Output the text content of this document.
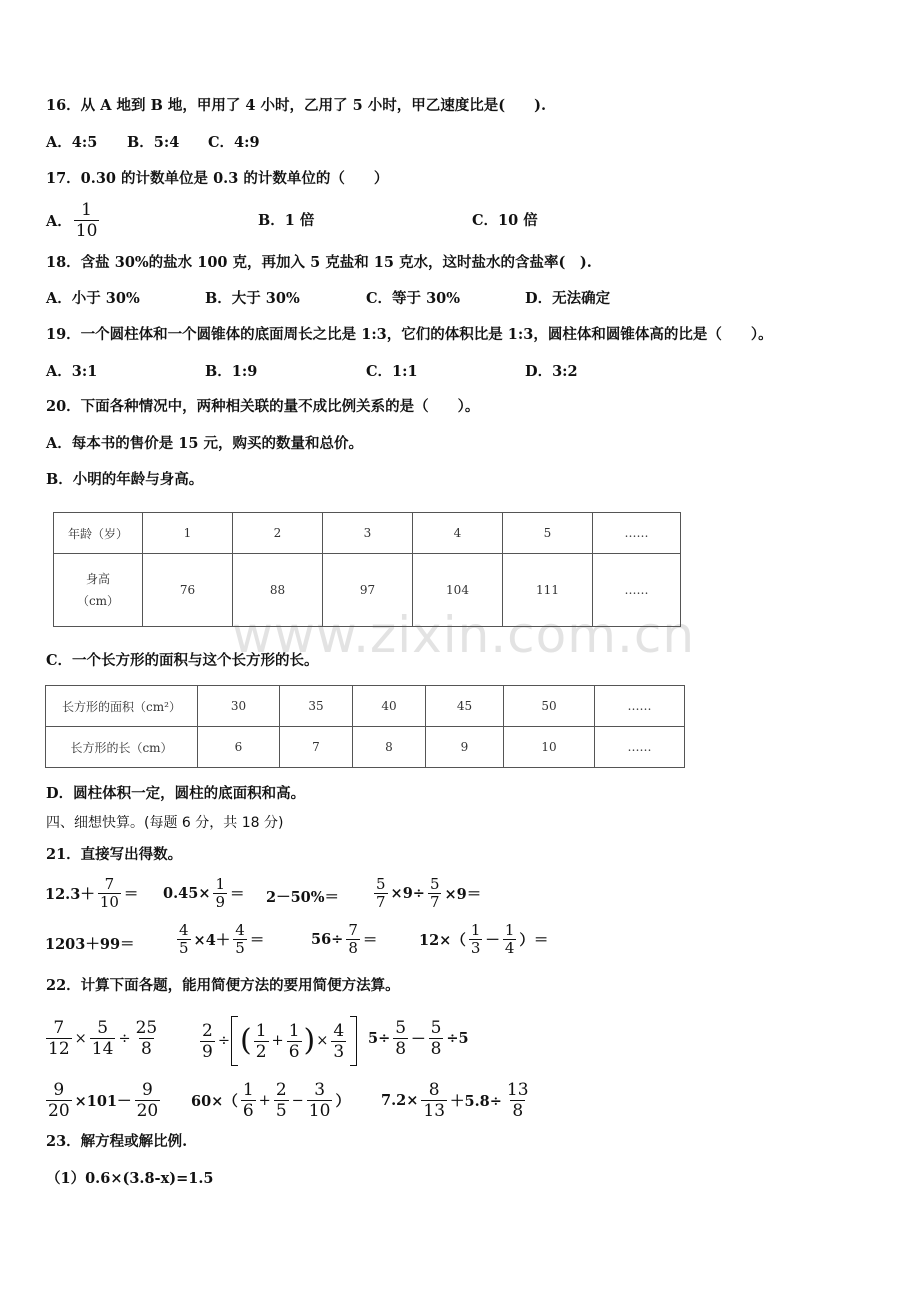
www.zixin.com.cn
16．从 A 地到 B 地，甲用了 4 小时，乙用了 5 小时，甲乙速度比是(　　).
A．4:5 B．5:4 C．4:9
17．0.30 的计数单位是 0.3 的计数单位的（　　）
A． $\frac{1}{10}$	B．1 倍	C．10 倍
18．含盐 30%的盐水 100 克，再加入 5 克盐和 15 克水，这时盐水的含盐率(　).
A．小于 30%	B．大于 30%	C．等于 30%	D．无法确定
19．一个圆柱体和一个圆锥体的底面周长之比是 1:3，它们的体积比是 1:3，圆柱体和圆锥体高的比是（　　）。
A．3:1	B．1:9	C．1:1	D．3:2
20．下面各种情况中，两种相关联的量不成比例关系的是（　　）。
A．每本书的售价是 15 元，购买的数量和总价。
B．小明的年龄与身高。
年龄（岁）	1	2	3	4	5	……

身高
（cm）	76	88	97	104	111	……
C．一个长方形的面积与这个长方形的长。
长方形的面积（cm²）	30	35	40	45	50	……
长方形的长（cm）	6	7	8	9	10	……
D．圆柱体积一定，圆柱的底面积和高。
四、细想快算。(每题 6 分，共 18 分)
21．直接写出得数。
$12.3+ \frac{7}{10} = 0.45\times \frac{1}{9} = 2-50\%= \frac{5}{7} \times 9\div \frac{5}{7} \times 9=$
1203＋99＝	$\frac{4}{5} \times 4+ \frac{4}{5}$ ＝	$56\div \frac{7}{8}$ ＝	$12\times( \frac{1}{3} - \frac{1}{4}$ ）＝
22．计算下面各题，能用简便方法的要用简便方法算。
$\frac{7}{12} \times \frac{5}{14} \div \frac{25}{8} \frac{2}{9}$ ÷ ( $\frac{1}{2} + \frac{1}{6}$ ) × $\frac{4}{3} 5\div \frac{5}{8} - \frac{5}{8} \div 5$
$\frac{9}{20} \times 101- \frac{9}{20} 60\times( \frac{1}{6} + \frac{2}{5} - \frac{3}{10}$ ） $7.2\times \frac{8}{13} +5.8\div \frac{13}{8}$
23．解方程或解比例.
（1）0.6×(3.8-x)=1.5
